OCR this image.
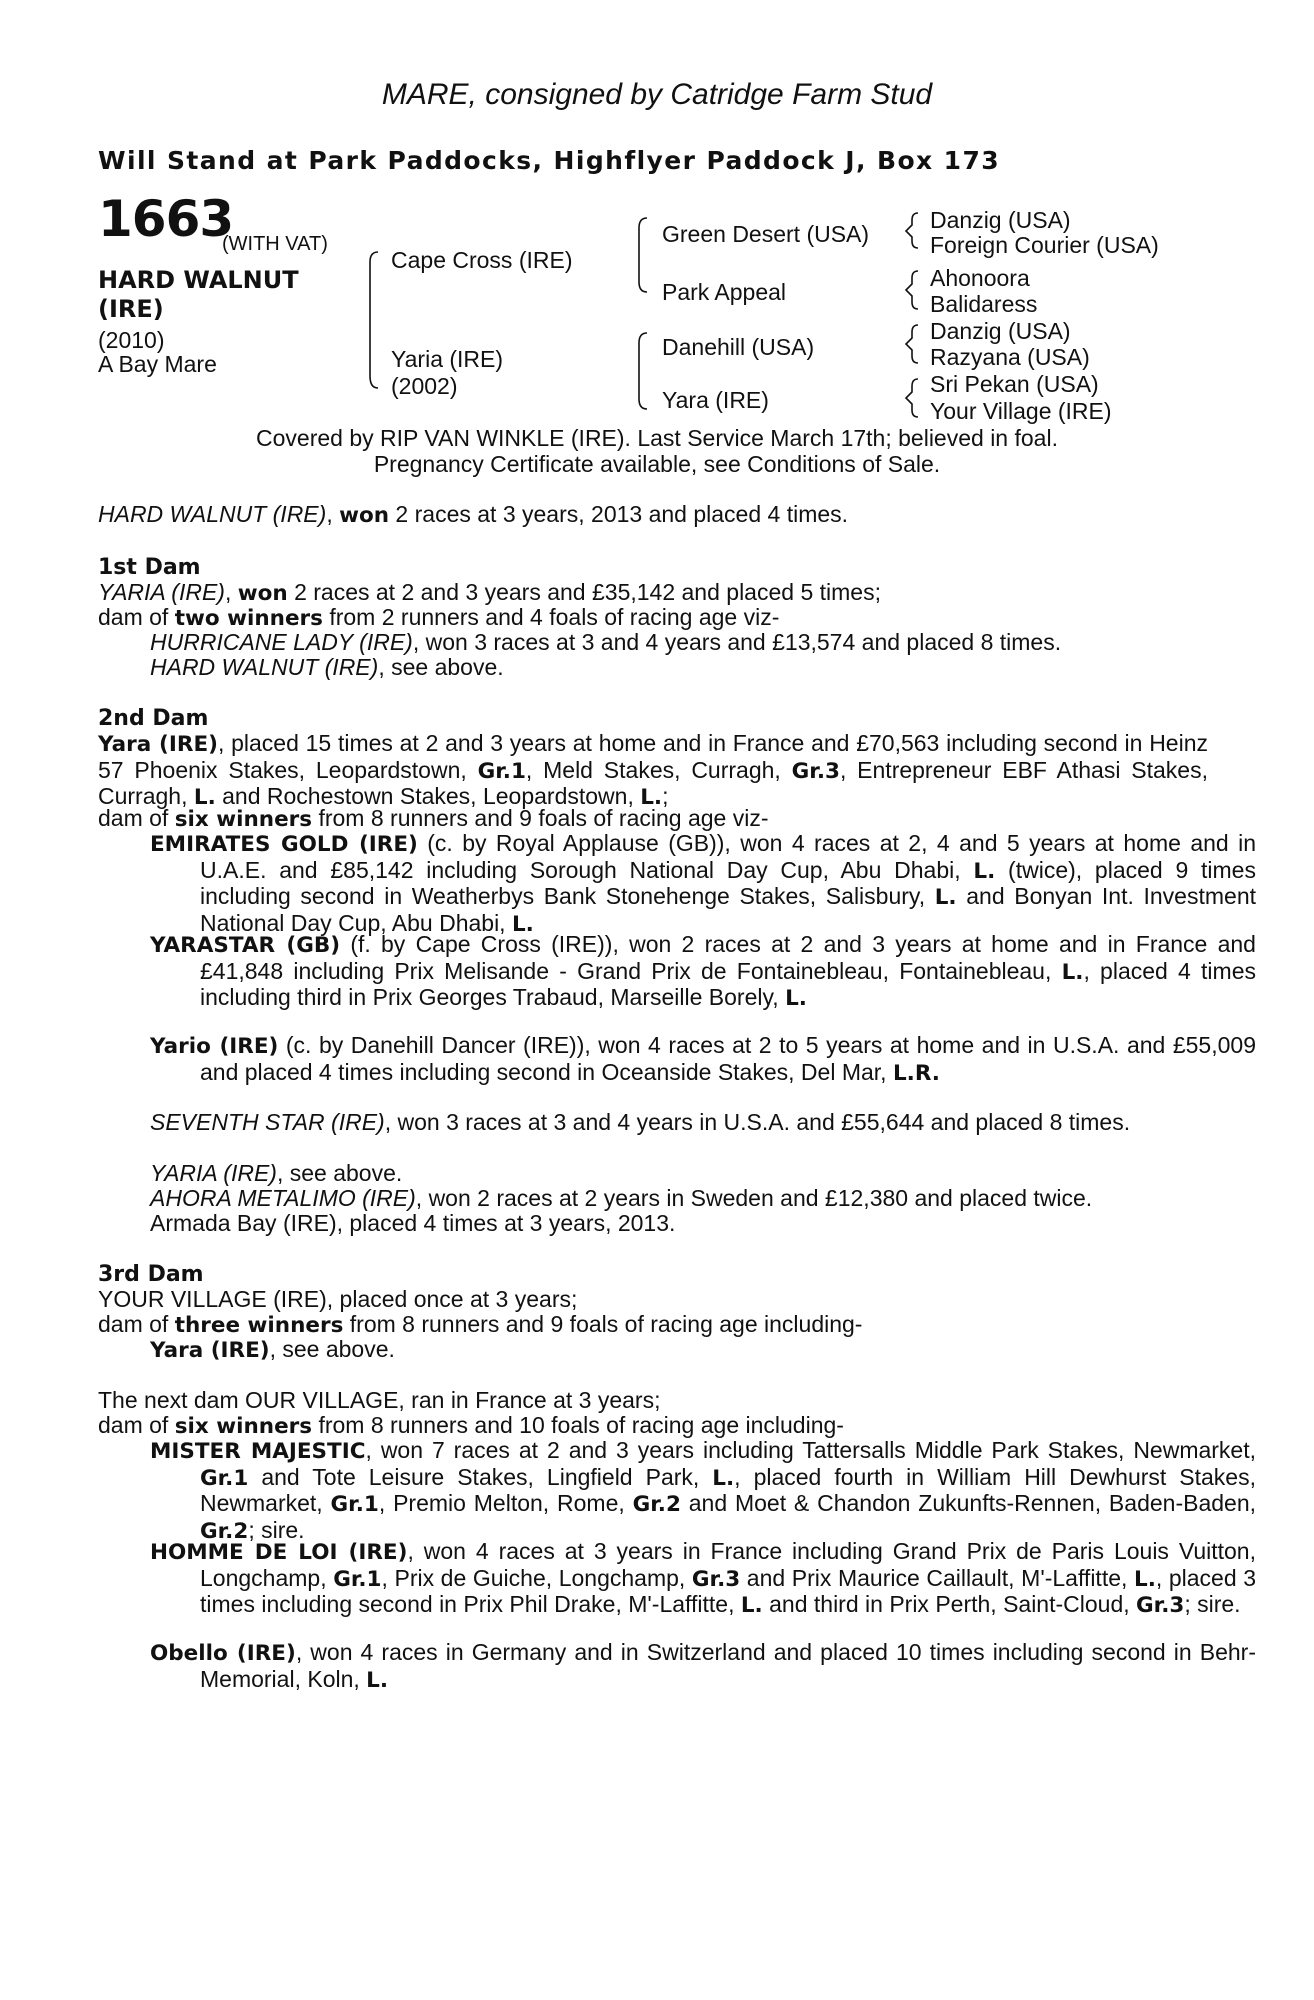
MARE, consigned by Catridge Farm Stud
Will Stand at Park Paddocks, Highflyer Paddock J, Box 173
1663
(WITH VAT)
HARD WALNUT
(IRE)
(2010)
A Bay Mare
Cape Cross (IRE)
Yaria (IRE)
(2002)
Green Desert (USA)
Park Appeal
Danehill (USA)
Yara (IRE)
Danzig (USA)
Foreign Courier (USA)
Ahonoora
Balidaress
Danzig (USA)
Razyana (USA)
Sri Pekan (USA)
Your Village (IRE)
Covered by RIP VAN WINKLE (IRE). Last Service March 17th; believed in foal.
Pregnancy Certificate available, see Conditions of Sale.
HARD WALNUT (IRE), won 2 races at 3 years, 2013 and placed 4 times.
1st Dam
YARIA (IRE), won 2 races at 2 and 3 years and £35,142 and placed 5 times;
dam of two winners from 2 runners and 4 foals of racing age viz-
HURRICANE LADY (IRE), won 3 races at 3 and 4 years and £13,574 and placed 8 times.
HARD WALNUT (IRE), see above.
2nd Dam
Yara (IRE), placed 15 times at 2 and 3 years at home and in France and £70,563 including second in Heinz 57 Phoenix Stakes, Leopardstown, Gr.1, Meld Stakes, Curragh, Gr.3, Entrepreneur EBF Athasi Stakes, Curragh, L. and Rochestown Stakes, Leopardstown, L.;
dam of six winners from 8 runners and 9 foals of racing age viz-
EMIRATES GOLD (IRE) (c. by Royal Applause (GB)), won 4 races at 2, 4 and 5 years at home and in U.A.E. and £85,142 including Sorough National Day Cup, Abu Dhabi, L. (twice), placed 9 times including second in Weatherbys Bank Stonehenge Stakes, Salisbury, L. and Bonyan Int. Investment National Day Cup, Abu Dhabi, L.
YARASTAR (GB) (f. by Cape Cross (IRE)), won 2 races at 2 and 3 years at home and in France and £41,848 including Prix Melisande - Grand Prix de Fontainebleau, Fontainebleau, L., placed 4 times including third in Prix Georges Trabaud, Marseille Borely, L.
Yario (IRE) (c. by Danehill Dancer (IRE)), won 4 races at 2 to 5 years at home and in U.S.A. and £55,009 and placed 4 times including second in Oceanside Stakes, Del Mar, L.R.
SEVENTH STAR (IRE), won 3 races at 3 and 4 years in U.S.A. and £55,644 and placed 8 times.
YARIA (IRE), see above.
AHORA METALIMO (IRE), won 2 races at 2 years in Sweden and £12,380 and placed twice.
Armada Bay (IRE), placed 4 times at 3 years, 2013.
3rd Dam
YOUR VILLAGE (IRE), placed once at 3 years;
dam of three winners from 8 runners and 9 foals of racing age including-
Yara (IRE), see above.
The next dam OUR VILLAGE, ran in France at 3 years;
dam of six winners from 8 runners and 10 foals of racing age including-
MISTER MAJESTIC, won 7 races at 2 and 3 years including Tattersalls Middle Park Stakes, Newmarket, Gr.1 and Tote Leisure Stakes, Lingfield Park, L., placed fourth in William Hill Dewhurst Stakes, Newmarket, Gr.1, Premio Melton, Rome, Gr.2 and Moet & Chandon Zukunfts-Rennen, Baden-Baden, Gr.2; sire.
HOMME DE LOI (IRE), won 4 races at 3 years in France including Grand Prix de Paris Louis Vuitton, Longchamp, Gr.1, Prix de Guiche, Longchamp, Gr.3 and Prix Maurice Caillault, M'-Laffitte, L., placed 3 times including second in Prix Phil Drake, M'-Laffitte, L. and third in Prix Perth, Saint-Cloud, Gr.3; sire.
Obello (IRE), won 4 races in Germany and in Switzerland and placed 10 times including second in Behr-Memorial, Koln, L.
